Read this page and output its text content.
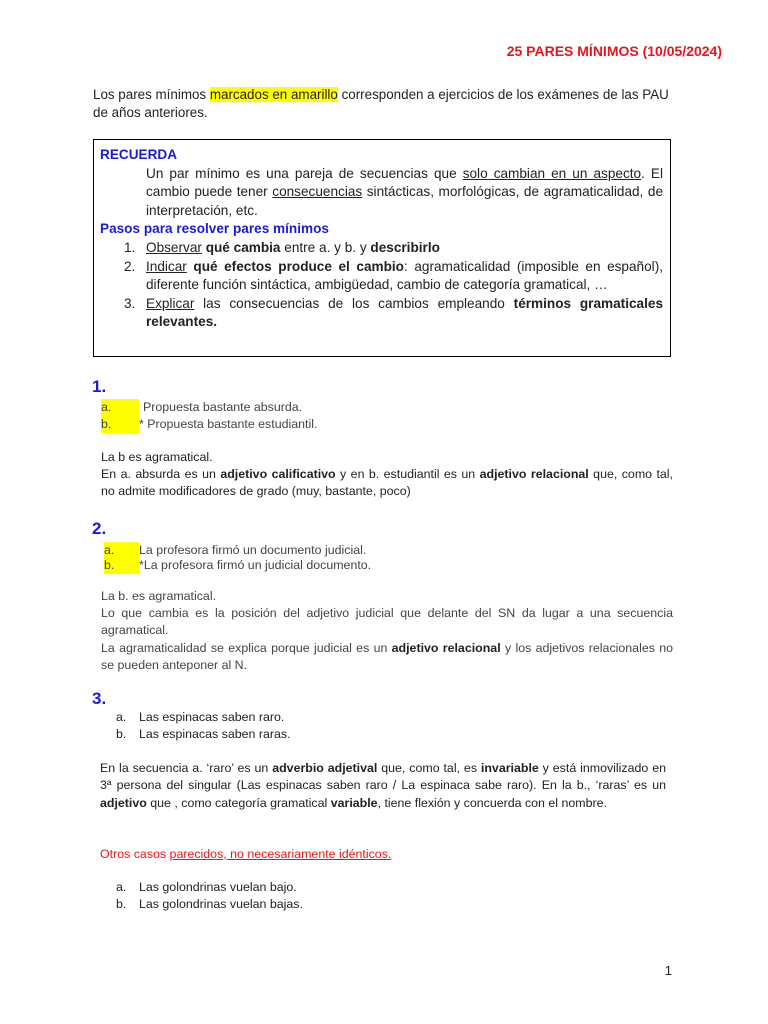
25 PARES MÍNIMOS (10/05/2024)
Los pares mínimos marcados en amarillo corresponden a ejercicios de los exámenes de las PAU de años anteriores.
RECUERDA
Un par mínimo es una pareja de secuencias que solo cambian en un aspecto. El cambio puede tener consecuencias sintácticas, morfológicas, de agramaticalidad, de interpretación, etc.
Pasos para resolver pares mínimos
1. Observar qué cambia entre a. y b. y describirlo
2. Indicar qué efectos produce el cambio: agramaticalidad (imposible en español), diferente función sintáctica, ambigüedad, cambio de categoría gramatical, …
3. Explicar las consecuencias de los cambios empleando términos gramaticales relevantes.
1.
a.	Propuesta bastante absurda.
b. * Propuesta bastante estudiantil.
La b es agramatical.
En a. absurda es un adjetivo calificativo y en b. estudiantil es un adjetivo relacional que, como tal, no admite modificadores de grado (muy, bastante, poco)
2.
a. La profesora firmó un documento judicial.
b. *La profesora firmó un judicial documento.
La b. es agramatical.
Lo que cambia es la posición del adjetivo judicial que delante del SN da lugar a una secuencia agramatical.
La agramaticalidad se explica porque judicial es un adjetivo relacional y los adjetivos relacionales no se pueden anteponer al N.
3.
a. Las espinacas saben raro.
b. Las espinacas saben raras.
En la secuencia a. ‘raro’ es un adverbio adjetival que, como tal, es invariable y está inmovilizado en 3ª persona del singular (Las espinacas saben raro / La espinaca sabe raro). En la b., ‘raras’ es un adjetivo que , como categoría gramatical variable, tiene flexión y concuerda con el nombre.
Otros casos parecidos, no necesariamente idénticos.
a. Las golondrinas vuelan bajo.
b. Las golondrinas vuelan bajas.
1
